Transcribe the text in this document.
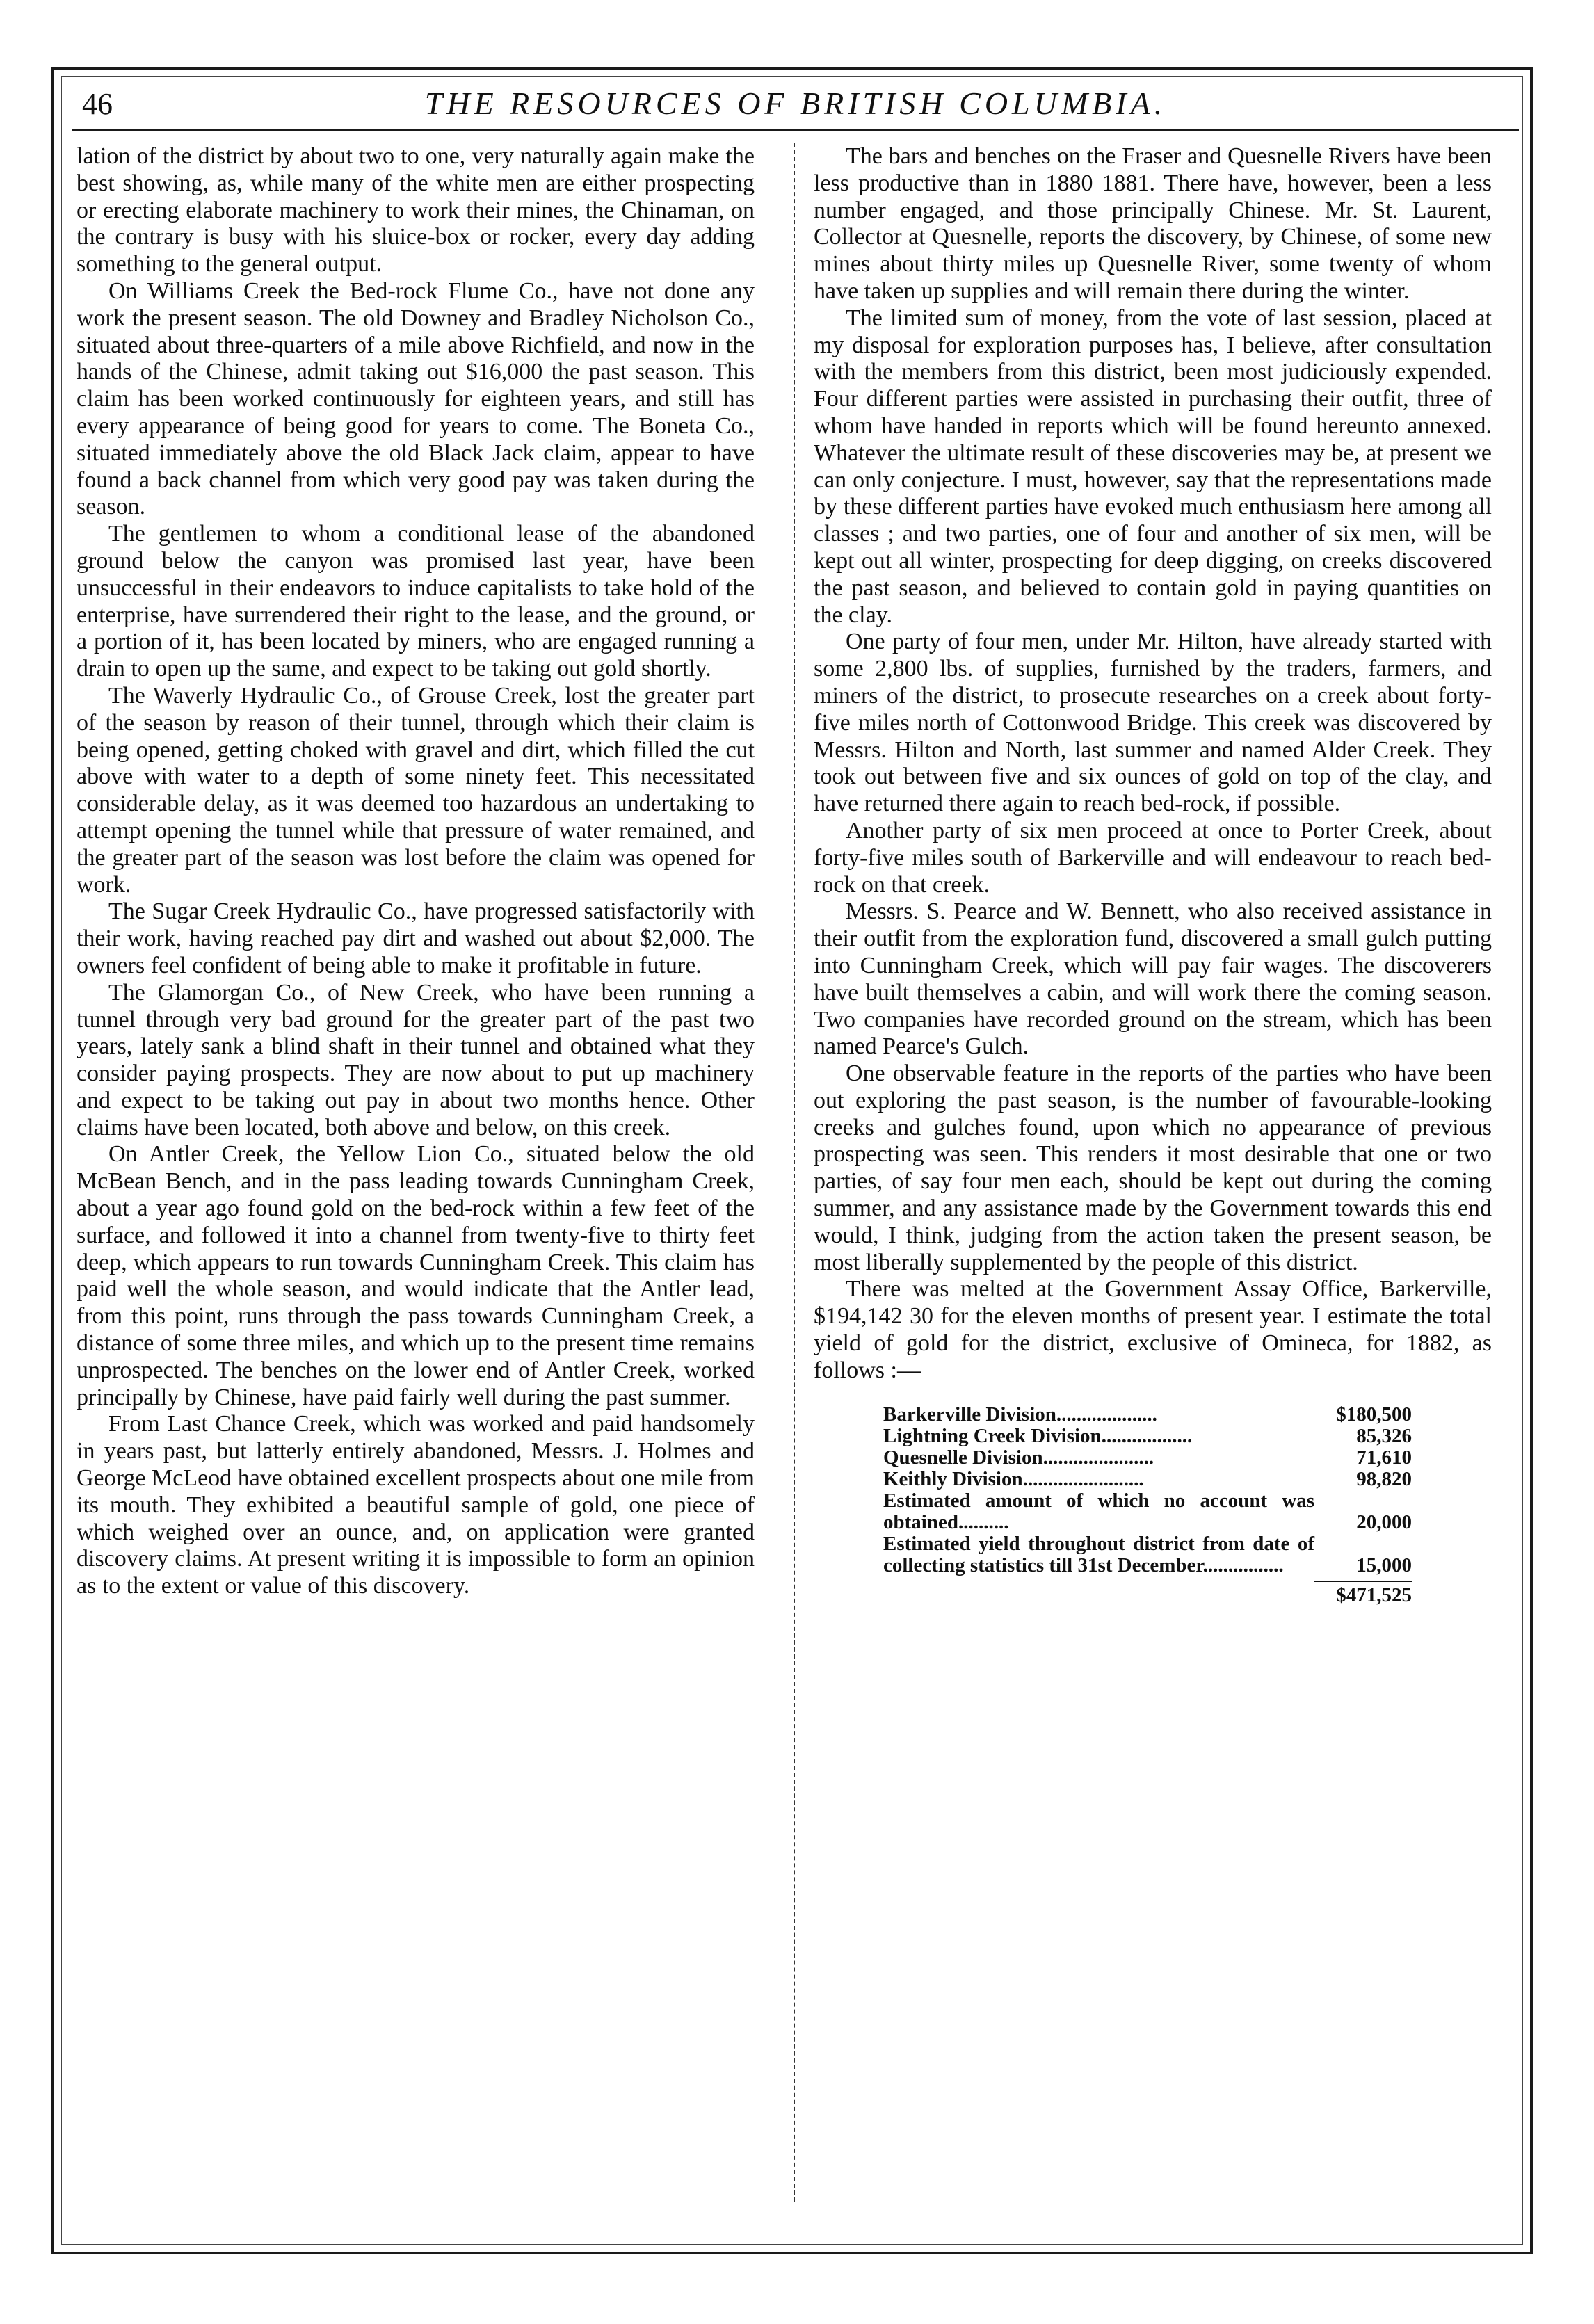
46	THE RESOURCES OF BRITISH COLUMBIA.

lation of the district by about two to one, very naturally again make the best showing, as, while many of the white men are either prospecting or erecting elaborate machinery to work their mines, the Chinaman, on the contrary is busy with his sluice-box or rocker, every day adding something to the general output.

On Williams Creek the Bed-rock Flume Co., have not done any work the present season. The old Downey and Bradley Nicholson Co., situated about three-quarters of a mile above Richfield, and now in the hands of the Chinese, admit taking out $16,000 the past season. This claim has been worked continuously for eighteen years, and still has every appearance of being good for years to come. The Boneta Co., situated immediately above the old Black Jack claim, appear to have found a back channel from which very good pay was taken during the season.

The gentlemen to whom a conditional lease of the abandoned ground below the canyon was promised last year, have been unsuccessful in their endeavors to induce capitalists to take hold of the enterprise, have surrendered their right to the lease, and the ground, or a portion of it, has been located by miners, who are engaged running a drain to open up the same, and expect to be taking out gold shortly.

The Waverly Hydraulic Co., of Grouse Creek, lost the greater part of the season by reason of their tunnel, through which their claim is being opened, getting choked with gravel and dirt, which filled the cut above with water to a depth of some ninety feet. This necessitated considerable delay, as it was deemed too hazardous an undertaking to attempt opening the tunnel while that pressure of water remained, and the greater part of the season was lost before the claim was opened for work.

The Sugar Creek Hydraulic Co., have progressed satisfactorily with their work, having reached pay dirt and washed out about $2,000. The owners feel confident of being able to make it profitable in future.

The Glamorgan Co., of New Creek, who have been running a tunnel through very bad ground for the greater part of the past two years, lately sank a blind shaft in their tunnel and obtained what they consider paying prospects. They are now about to put up machinery and expect to be taking out pay in about two months hence. Other claims have been located, both above and below, on this creek.

On Antler Creek, the Yellow Lion Co., situated below the old McBean Bench, and in the pass leading towards Cunningham Creek, about a year ago found gold on the bed-rock within a few feet of the surface, and followed it into a channel from twenty-five to thirty feet deep, which appears to run towards Cunningham Creek. This claim has paid well the whole season, and would indicate that the Antler lead, from this point, runs through the pass towards Cunningham Creek, a distance of some three miles, and which up to the present time remains unprospected. The benches on the lower end of Antler Creek, worked principally by Chinese, have paid fairly well during the past summer.

From Last Chance Creek, which was worked and paid handsomely in years past, but latterly entirely abandoned, Messrs. J. Holmes and George McLeod have obtained excellent prospects about one mile from its mouth. They exhibited a beautiful sample of gold, one piece of which weighed over an ounce, and, on application were granted discovery claims. At present writing it is impossible to form an opinion as to the extent or value of this discovery.

The bars and benches on the Fraser and Quesnelle Rivers have been less productive than in 1880 1881. There have, however, been a less number engaged, and those principally Chinese. Mr. St. Laurent, Collector at Quesnelle, reports the discovery, by Chinese, of some new mines about thirty miles up Quesnelle River, some twenty of whom have taken up supplies and will remain there during the winter.

The limited sum of money, from the vote of last session, placed at my disposal for exploration purposes has, I believe, after consultation with the members from this district, been most judiciously expended. Four different parties were assisted in purchasing their outfit, three of whom have handed in reports which will be found hereunto annexed. Whatever the ultimate result of these discoveries may be, at present we can only conjecture. I must, however, say that the representations made by these different parties have evoked much enthusiasm here among all classes ; and two parties, one of four and another of six men, will be kept out all winter, prospecting for deep digging, on creeks discovered the past season, and believed to contain gold in paying quantities on the clay.

One party of four men, under Mr. Hilton, have already started with some 2,800 lbs. of supplies, furnished by the traders, farmers, and miners of the district, to prosecute researches on a creek about forty-five miles north of Cottonwood Bridge. This creek was discovered by Messrs. Hilton and North, last summer and named Alder Creek. They took out between five and six ounces of gold on top of the clay, and have returned there again to reach bed-rock, if possible.

Another party of six men proceed at once to Porter Creek, about forty-five miles south of Barkerville and will endeavour to reach bed-rock on that creek.

Messrs. S. Pearce and W. Bennett, who also received assistance in their outfit from the exploration fund, discovered a small gulch putting into Cunningham Creek, which will pay fair wages. The discoverers have built themselves a cabin, and will work there the coming season. Two companies have recorded ground on the stream, which has been named Pearce's Gulch.

One observable feature in the reports of the parties who have been out exploring the past season, is the number of favourable-looking creeks and gulches found, upon which no appearance of previous prospecting was seen. This renders it most desirable that one or two parties, of say four men each, should be kept out during the coming summer, and any assistance made by the Government towards this end would, I think, judging from the action taken the present season, be most liberally supplemented by the people of this district.

There was melted at the Government Assay Office, Barkerville, $194,142 30 for the eleven months of present year. I estimate the total yield of gold for the district, exclusive of Omineca, for 1882, as follows :—

Barkerville Division....................	$180,500
Lightning Creek Division..................	85,326
Quesnelle Division......................	71,610
Keithly Division........................	98,820
Estimated amount of which no account was obtained..........	20,000
Estimated yield throughout district from date of collecting statistics till 31st December................	15,000
$471,525
